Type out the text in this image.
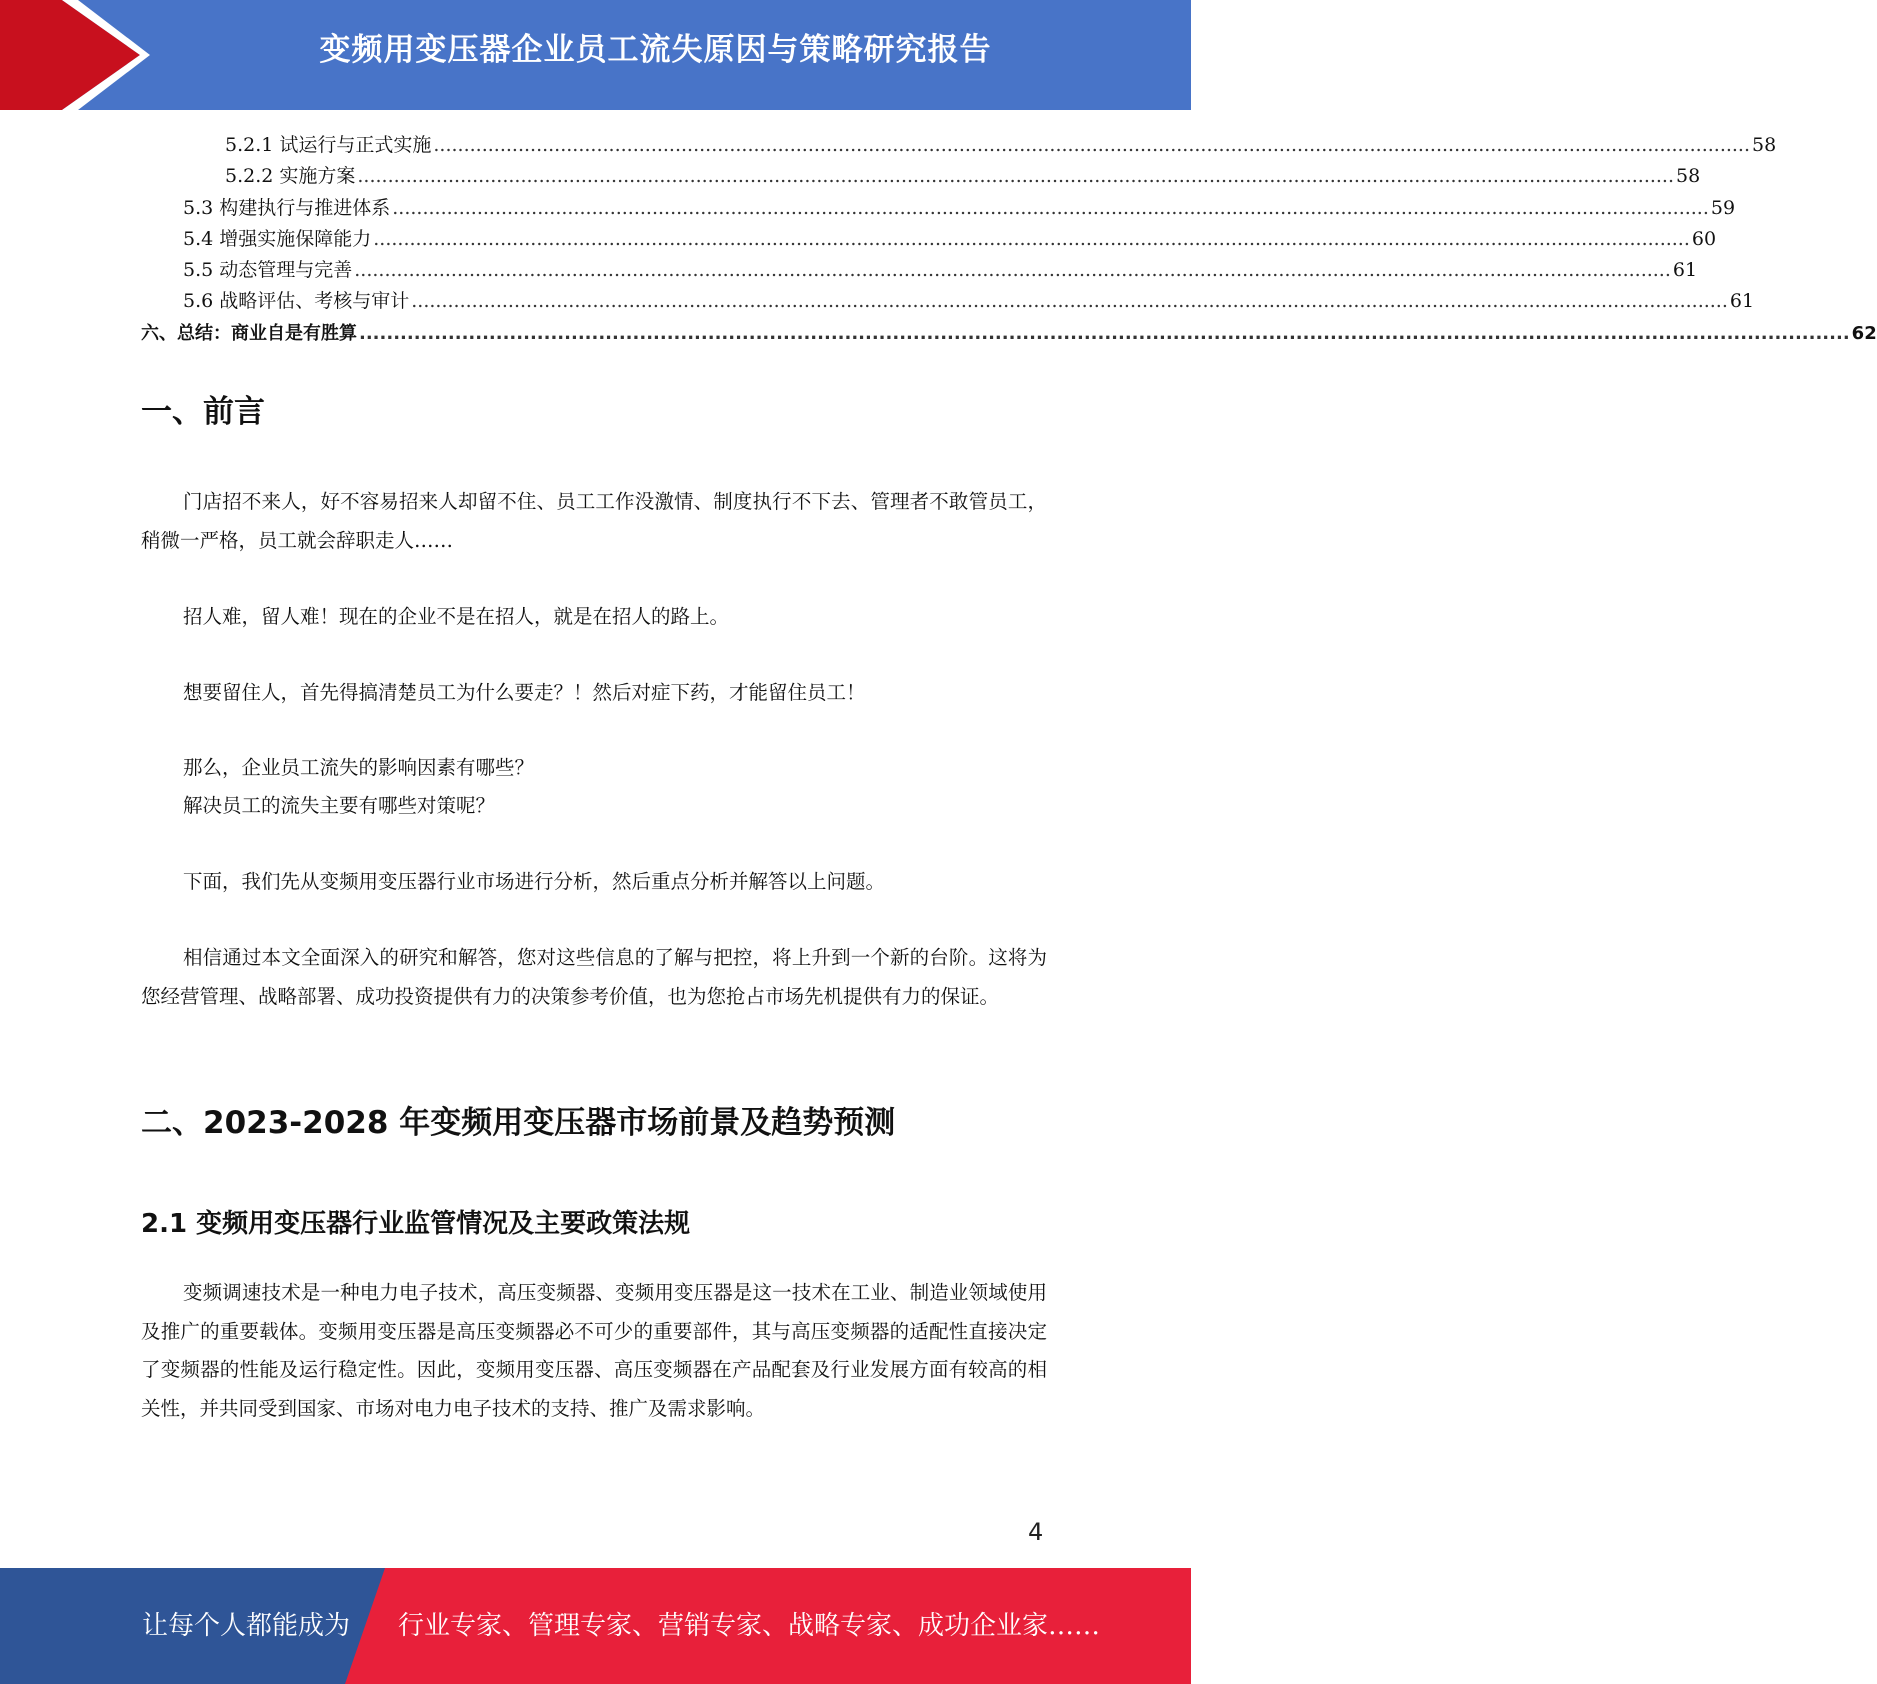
变频用变压器企业员工流失原因与策略研究报告
5.2.1 试运行与正式实施 .......................................................................................................................................................................................................................... 58
5.2.2 实施方案 .......................................................................................................................................................................................................................... 58
5.3 构建执行与推进体系 .......................................................................................................................................................................................................................... 59
5.4 增强实施保障能力 .......................................................................................................................................................................................................................... 60
5.5 动态管理与完善 .......................................................................................................................................................................................................................... 61
5.6 战略评估、考核与审计 .......................................................................................................................................................................................................................... 61
六、总结：商业自是有胜算 .......................................................................................................................................................................................................................... 62
一、前言
门店招不来人，好不容易招来人却留不住、员工工作没激情、制度执行不下去、管理者不敢管员工，稍微一严格，员工就会辞职走人……
招人难，留人难！现在的企业不是在招人，就是在招人的路上。
想要留住人，首先得搞清楚员工为什么要走？！然后对症下药，才能留住员工！
那么，企业员工流失的影响因素有哪些？
解决员工的流失主要有哪些对策呢？
下面，我们先从变频用变压器行业市场进行分析，然后重点分析并解答以上问题。
相信通过本文全面深入的研究和解答，您对这些信息的了解与把控，将上升到一个新的台阶。这将为您经营管理、战略部署、成功投资提供有力的决策参考价值，也为您抢占市场先机提供有力的保证。
二、2023-2028 年变频用变压器市场前景及趋势预测
2.1 变频用变压器行业监管情况及主要政策法规
变频调速技术是一种电力电子技术，高压变频器、变频用变压器是这一技术在工业、制造业领域使用及推广的重要载体。变频用变压器是高压变频器必不可少的重要部件，其与高压变频器的适配性直接决定了变频器的性能及运行稳定性。因此，变频用变压器、高压变频器在产品配套及行业发展方面有较高的相关性，并共同受到国家、市场对电力电子技术的支持、推广及需求影响。
4
让每个人都能成为 行业专家、管理专家、营销专家、战略专家、成功企业家……
